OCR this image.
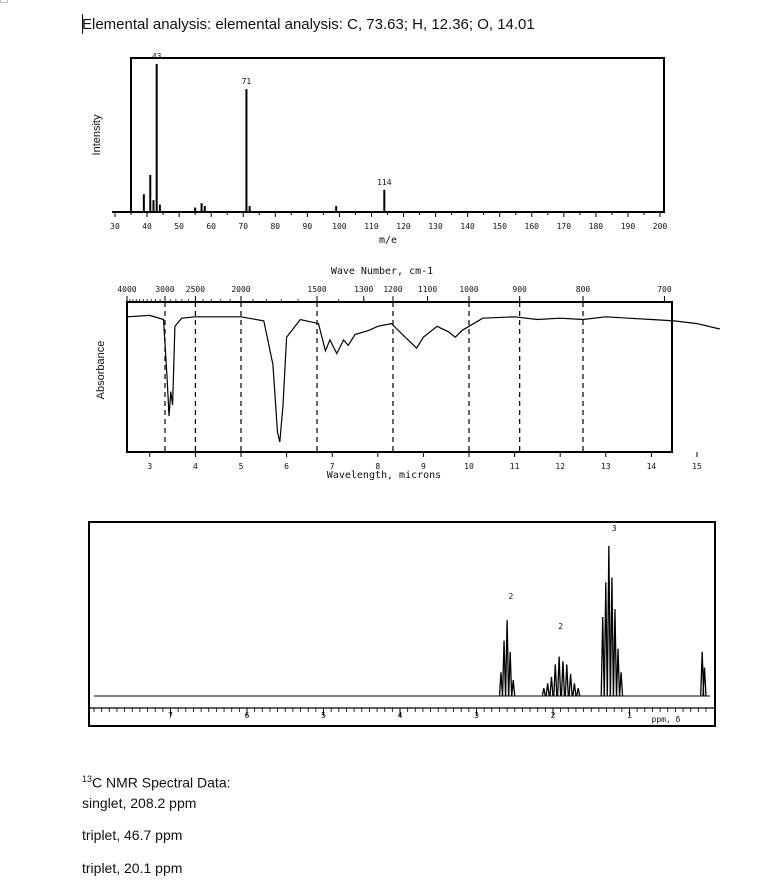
Elemental analysis: elemental analysis: C, 73.63; H, 12.36; O, 14.01
30	40	50	60	70	80	90	100 110 120 130 140 150 160 170 180 190 200
43
71
114
m/e
Intensity
3	4	5	6	7	8	9	10	11	12	13	14	15
4000 3000 2500	2000	1500	1300 1200 1100	1000	900	800	700
Wave Number, cm-1
Wavelength, microns
Absorbance
7	6	5	4	3	2	1 ppm, δ
2
2
3
$^{13}$C NMR Spectral Data:
singlet, 208.2 ppm
triplet, 46.7 ppm
triplet, 20.1 ppm
